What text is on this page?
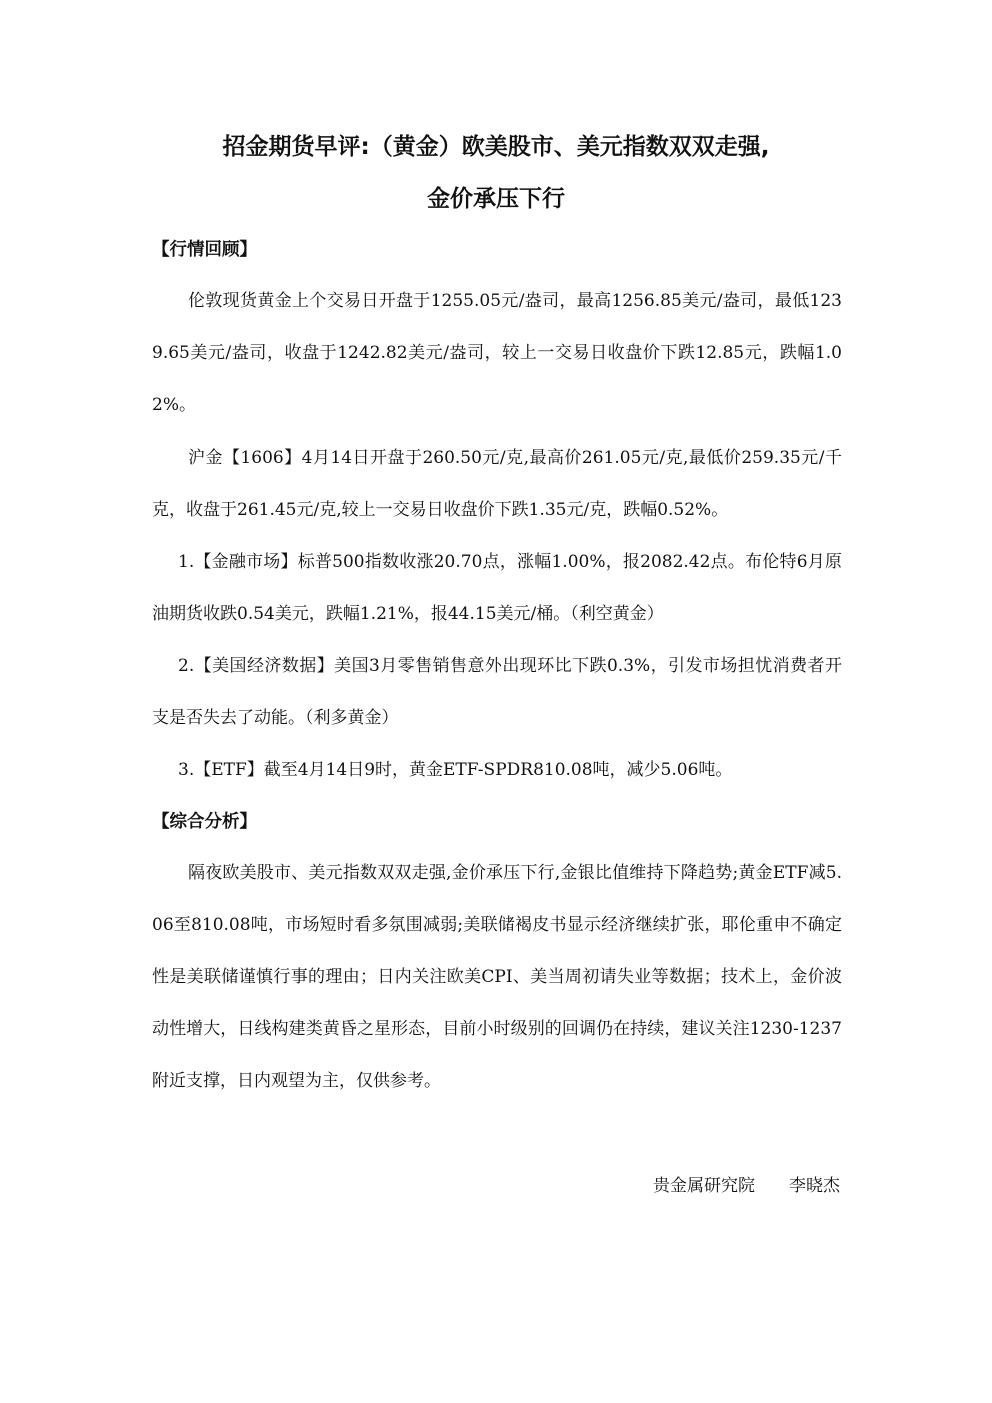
招金期货早评:（黄金）欧美股市、美元指数双双走强,
金价承压下行
【行情回顾】

伦敦现货黄金上个交易日开盘于1255.05元/盎司，最高1256.85美元/盎司，最低1239.65美元/盎司，收盘于1242.82美元/盎司，较上一交易日收盘价下跌12.85元，跌幅1.02%。

沪金【1606】4月14日开盘于260.50元/克,最高价261.05元/克,最低价259.35元/千克，收盘于261.45元/克,较上一交易日收盘价下跌1.35元/克，跌幅0.52%。

1.【金融市场】标普500指数收涨20.70点，涨幅1.00%，报2082.42点。布伦特6月原油期货收跌0.54美元，跌幅1.21%，报44.15美元/桶。（利空黄金）

2.【美国经济数据】美国3月零售销售意外出现环比下跌0.3%，引发市场担忧消费者开支是否失去了动能。（利多黄金）

3.【ETF】截至4月14日9时，黄金ETF-SPDR810.08吨，减少5.06吨。

【综合分析】

隔夜欧美股市、美元指数双双走强,金价承压下行,金银比值维持下降趋势;黄金ETF减5.06至810.08吨，市场短时看多氛围减弱;美联储褐皮书显示经济继续扩张，耶伦重申不确定性是美联储谨慎行事的理由；日内关注欧美CPI、美当周初请失业等数据；技术上，金价波动性增大，日线构建类黄昏之星形态，目前小时级别的回调仍在持续，建议关注1230-1237附近支撑，日内观望为主，仅供参考。

贵金属研究院　　李晓杰
